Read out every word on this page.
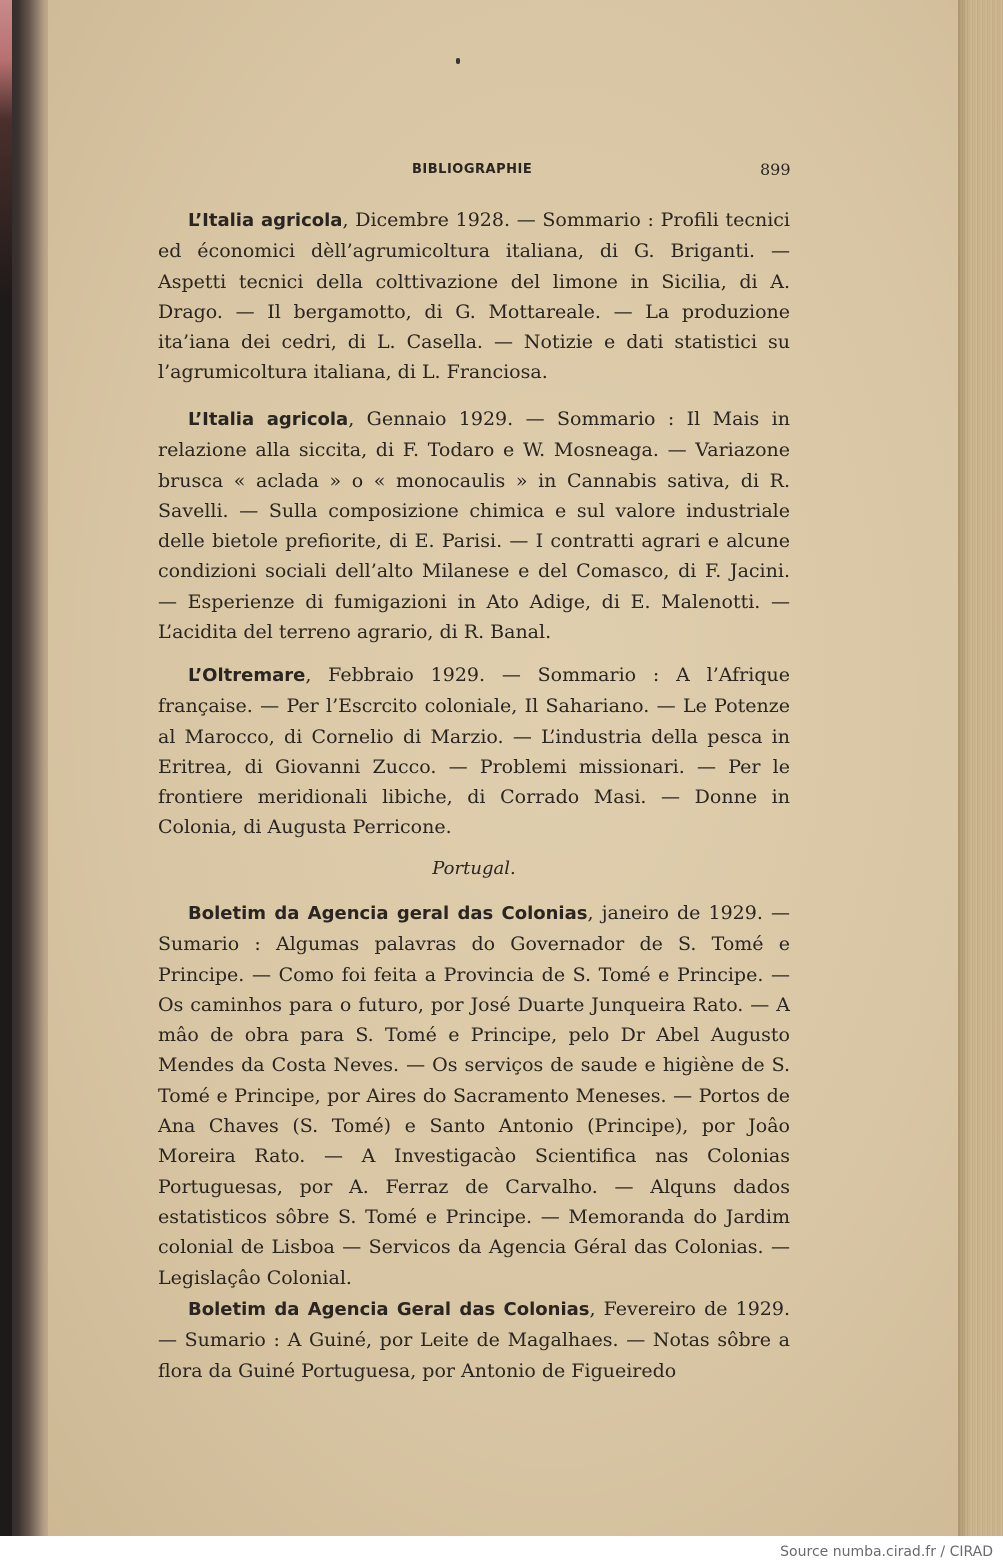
BIBLIOGRAPHIE	899
L’Italia agricola, Dicembre 1928. — Sommario : Profili tecnici ed économici dèll’agrumicoltura italiana, di G. Briganti. — Aspetti tecnici della colttivazione del limone in Sicilia, di A. Drago. — Il bergamotto, di G. Mottareale. — La produzione ita’iana dei cedri, di L. Casella. — Notizie e dati statistici su l’agrumicoltura italiana, di L. Franciosa.
L’Italia agricola, Gennaio 1929. — Sommario : Il Mais in relazione alla siccita, di F. Todaro e W. Mosneaga. — Variazone brusca « aclada » o « monocaulis » in Cannabis sativa, di R. Savelli. — Sulla composizione chimica e sul valore industriale delle bietole prefiorite, di E. Parisi. — I contratti agrari e alcune condizioni sociali dell’alto Milanese e del Comasco, di F. Jacini. — Esperienze di fumigazioni in Ato Adige, di E. Malenotti. — L’acidita del terreno agrario, di R. Banal.
L’Oltremare, Febbraio 1929. — Sommario : A l’Afrique française. — Per l’Escrcito coloniale, Il Sahariano. — Le Potenze al Marocco, di Cornelio di Marzio. — L’industria della pesca in Eritrea, di Giovanni Zucco. — Problemi missionari. — Per le frontiere meridionali libiche, di Corrado Masi. — Donne in Colonia, di Augusta Perricone.
Portugal.
Boletim da Agencia geral das Colonias, janeiro de 1929. — Sumario : Algumas palavras do Governador de S. Tomé e Principe. — Como foi feita a Provincia de S. Tomé e Principe. — Os caminhos para o futuro, por José Duarte Junqueira Rato. — A mâo de obra para S. Tomé e Principe, pelo Dr Abel Augusto Mendes da Costa Neves. — Os serviços de saude e higiène de S. Tomé e Principe, por Aires do Sacramento Meneses. — Portos de Ana Chaves (S. Tomé) e Santo Antonio (Principe), por Joâo Moreira Rato. — A Investigacào Scientifica nas Colonias Portuguesas, por A. Ferraz de Carvalho. — Alquns dados estatisticos sôbre S. Tomé e Principe. — Memoranda do Jardim colonial de Lisboa — Servicos da Agencia Géral das Colonias. — Legislaçâo Colonial.
Boletim da Agencia Geral das Colonias, Fevereiro de 1929. — Sumario : A Guiné, por Leite de Magalhaes. — Notas sôbre a flora da Guiné Portuguesa, por Antonio de Figueiredo
Source numba.cirad.fr / CIRAD
